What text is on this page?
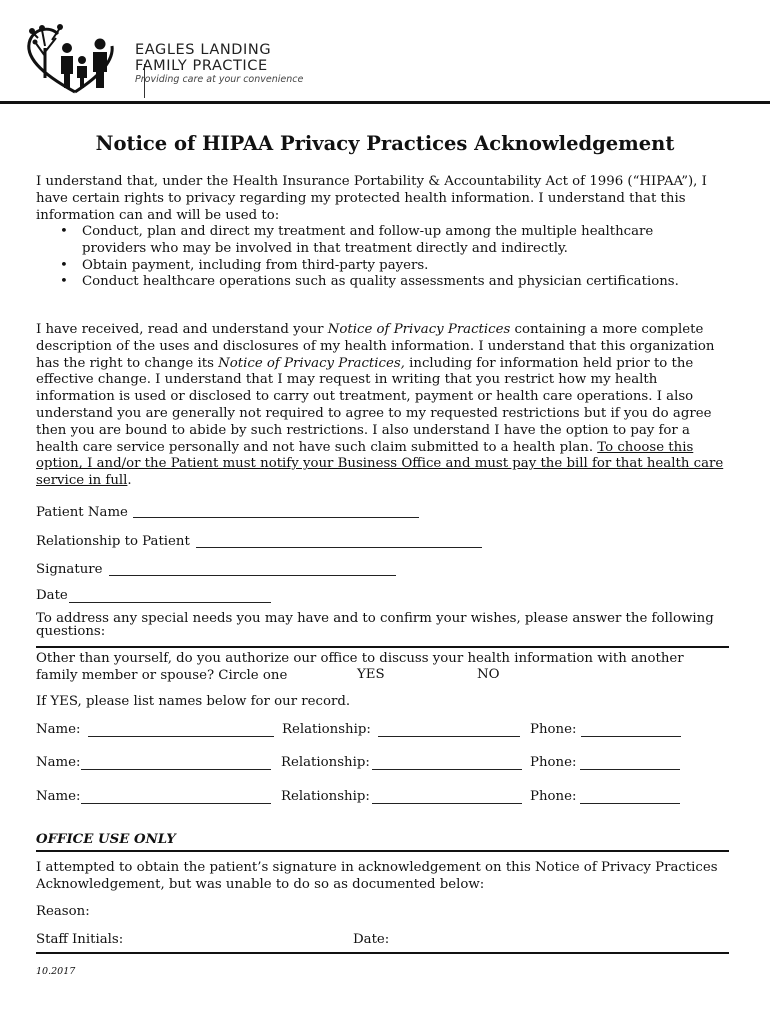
EAGLES LANDING
FAMILY PRACTICE
Providing care at your convenience
Notice of HIPAA Privacy Practices Acknowledgement

I understand that, under the Health Insurance Portability & Accountability Act of 1996 (“HIPAA”), I have certain rights to privacy regarding my protected health information. I understand that this information can and will be used to:

• Conduct, plan and direct my treatment and follow-up among the multiple healthcare providers who may be involved in that treatment directly and indirectly.
• Obtain payment, including from third-party payers.
• Conduct healthcare operations such as quality assessments and physician certifications.

I have received, read and understand your Notice of Privacy Practices containing a more complete description of the uses and disclosures of my health information. I understand that this organization has the right to change its Notice of Privacy Practices, including for information held prior to the effective change. I understand that I may request in writing that you restrict how my health information is used or disclosed to carry out treatment, payment or health care operations. I also understand you are generally not required to agree to my requested restrictions but if you do agree then you are bound to abide by such restrictions. I also understand I have the option to pay for a health care service personally and not have such claim submitted to a health plan. To choose this option, I and/or the Patient must notify your Business Office and must pay the bill for that health care service in full.

Patient Name
Relationship to Patient
Signature
Date

To address any special needs you may have and to confirm your wishes, please answer the following questions:

Other than yourself, do you authorize our office to discuss your health information with another family member or spouse? Circle one	YES	NO
If YES, please list names below for our record.
Name:	Relationship:	Phone:
Name:	Relationship:	Phone:
Name:	Relationship:	Phone:
OFFICE USE ONLY

I attempted to obtain the patient’s signature in acknowledgement on this Notice of Privacy Practices Acknowledgement, but was unable to do so as documented below:

Reason:
Staff Initials:	Date:
10.2017
